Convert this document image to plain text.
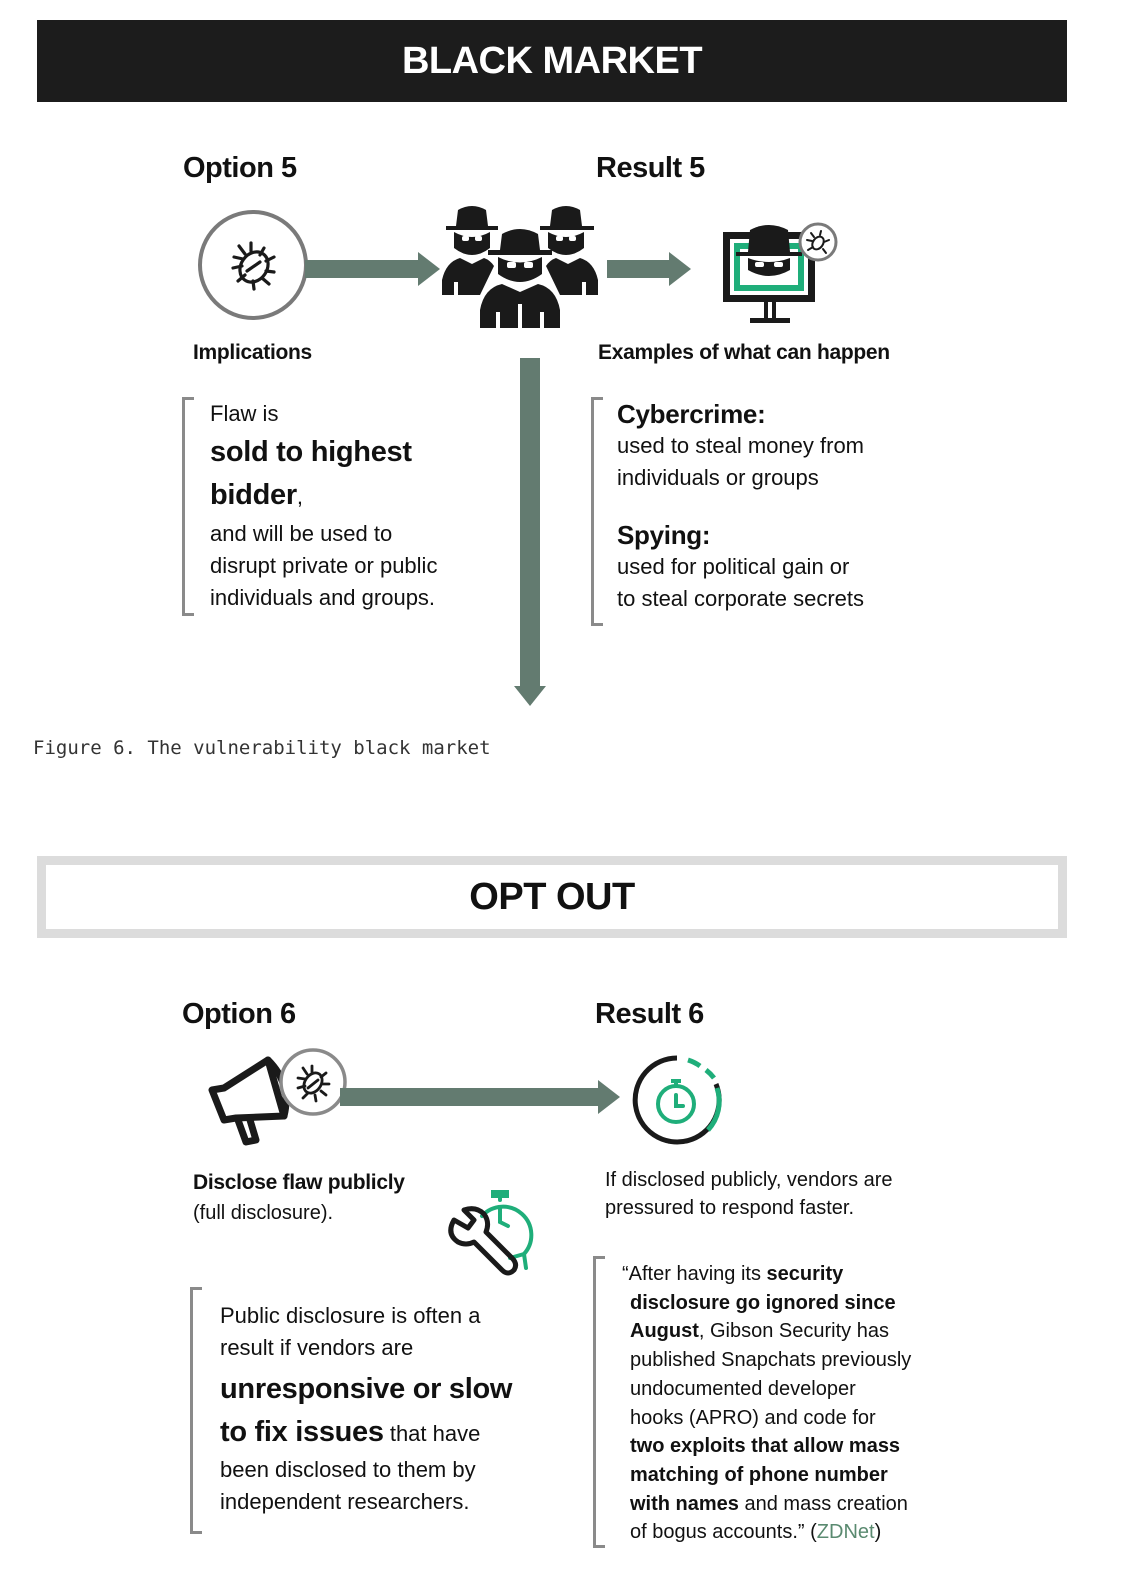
BLACK MARKET
Option 5	Result 5
Implications	Examples of what can happen
Flaw is
sold to highest
bidder,
and will be used to
disrupt private or public
individuals and groups.
Cybercrime:
used to steal money from
individuals or groups
Spying:
used for political gain or
to steal corporate secrets
Figure 6. The vulnerability black market
OPT OUT
Option 6	Result 6
Disclose flaw publicly
(full disclosure).
If disclosed publicly, vendors are
pressured to respond faster.
Public disclosure is often a
result if vendors are
unresponsive or slow
to fix issues that have
been disclosed to them by
independent researchers.
“After having its security
disclosure go ignored since
August, Gibson Security has
published Snapchats previously
undocumented developer
hooks (APRO) and code for
two exploits that allow mass
matching of phone number
with names and mass creation
of bogus accounts.” (ZDNet)
